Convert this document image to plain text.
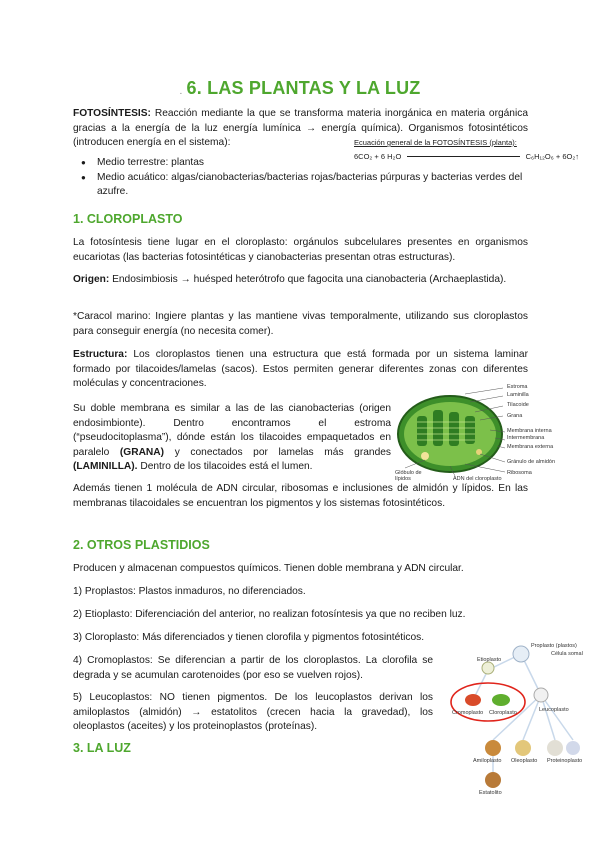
. 6. LAS PLANTAS Y LA LUZ
FOTOSÍNTESIS: Reacción mediante la que se transforma materia inorgánica en materia orgánica gracias a la energía de la luz energía lumínica → energía química). Organismos fotosintéticos (introducen energía en el sistema):	Ecuación general de la FOTOSÍNTESIS (planta):
6CO₂ + 6 H₂O	C₆H₁₂O₆ + 6O₂↑
● Medio terrestre: plantas
● Medio acuático: algas/cianobacterias/bacterias rojas/bacterias púrpuras y bacterias verdes del azufre.
1. CLOROPLASTO
La fotosíntesis tiene lugar en el cloroplasto: orgánulos subcelulares presentes en organismos eucariotas (las bacterias fotosintéticas y cianobacterias presentan otras estructuras).
Origen: Endosimbiosis → huésped heterótrofo que fagocita una cianobacteria (Archaeplastida).
*Caracol marino: Ingiere plantas y las mantiene vivas temporalmente, utilizando sus cloroplastos para conseguir energía (no necesita comer).
Estructura: Los cloroplastos tienen una estructura que está formada por un sistema laminar formado por tilacoides/lamelas (sacos). Estos permiten generar diferentes zonas con diferentes moléculas y concentraciones.
Su doble membrana es similar a las de las cianobacterias (origen endosimbionte). Dentro encontramos el estroma (“pseudocitoplasma”), dónde están los tilacoides empaquetados en paralelo (GRANA) y conectados por lamelas más grandes (LAMINILLA). Dentro de los tilacoides está el lumen.
Además tienen 1 molécula de ADN circular, ribosomas e inclusiones de almidón y lípidos. En las membranas tilacoidales se encuentran los pigmentos y los sistemas fotosintéticos.
Estroma
Laminilla
Tilacoide
Grana
Membrana interna
Intermembrana
Membrana externa
Gránulo de almidón
Ribosoma
ADN del cloroplasto
Glóbulo de lípidos
2. OTROS PLASTIDIOS
Producen y almacenan compuestos químicos. Tienen doble membrana y ADN circular.
1) Proplastos: Plastos inmaduros, no diferenciados.
2) Etioplasto: Diferenciación del anterior, no realizan fotosíntesis ya que no reciben luz.
3) Cloroplasto: Más diferenciados y tienen clorofila y pigmentos fotosintéticos.
4) Cromoplastos: Se diferencian a partir de los cloroplastos. La clorofila se degrada y se acumulan carotenoides (por eso se vuelven rojos).
5) Leucoplastos: NO tienen pigmentos. De los leucoplastos derivan los amiloplastos (almidón) → estatolitos (crecen hacia la gravedad), los oleoplastos (aceites) y los proteinoplastos (proteínas).
Etioplasto
Proplasto (plastos)
Célula somal
Cromoplasto Cloroplasto	Leucoplasto
Amiloplasto Oleoplasto Proteinoplasto
Estatolito
3. LA LUZ
